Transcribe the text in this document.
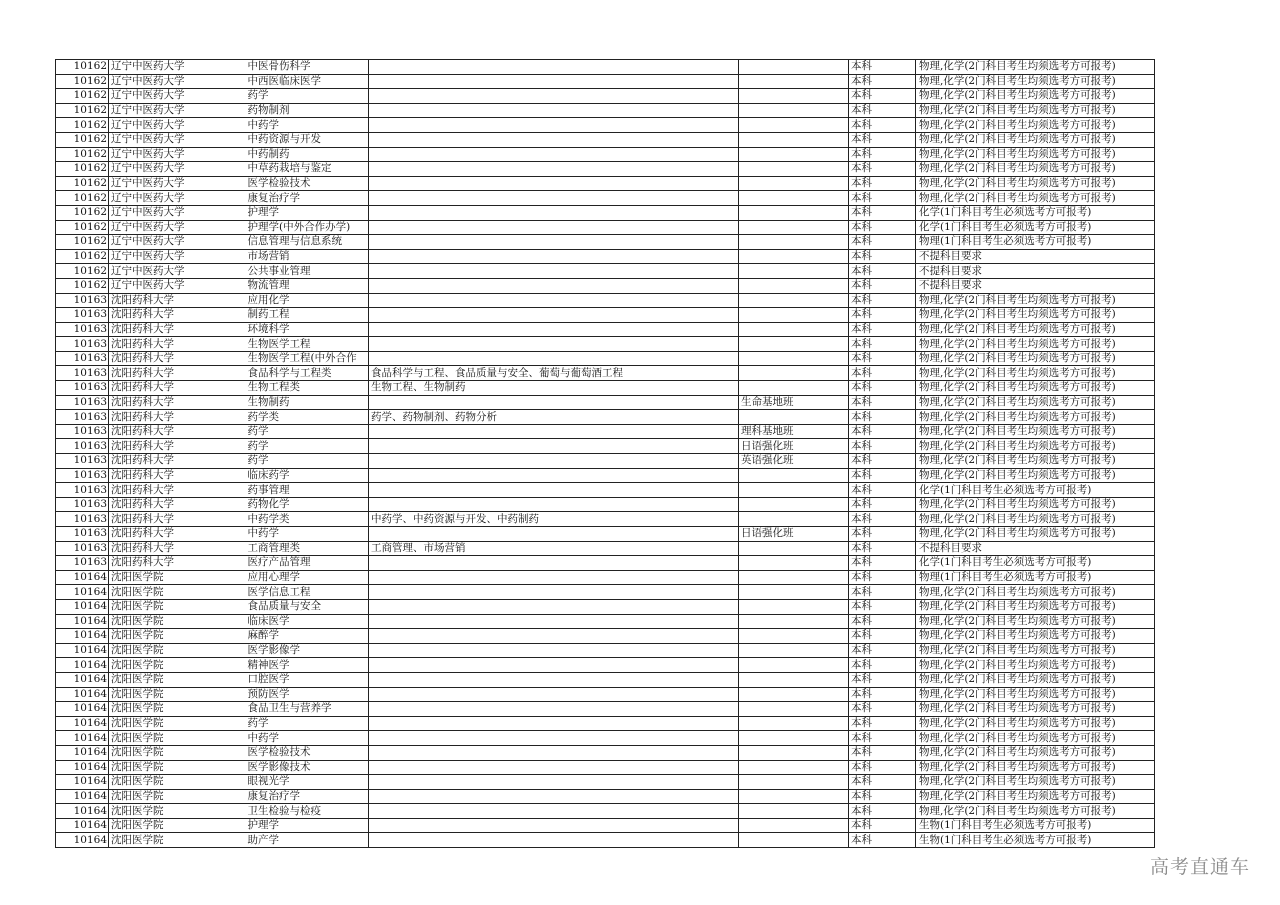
10162	辽宁中医药大学	中医骨伤科学			本科	物理,化学(2门科目考生均须选考方可报考)
10162	辽宁中医药大学	中西医临床医学			本科	物理,化学(2门科目考生均须选考方可报考)
10162	辽宁中医药大学	药学			本科	物理,化学(2门科目考生均须选考方可报考)
10162	辽宁中医药大学	药物制剂			本科	物理,化学(2门科目考生均须选考方可报考)
10162	辽宁中医药大学	中药学			本科	物理,化学(2门科目考生均须选考方可报考)
10162	辽宁中医药大学	中药资源与开发			本科	物理,化学(2门科目考生均须选考方可报考)
10162	辽宁中医药大学	中药制药			本科	物理,化学(2门科目考生均须选考方可报考)
10162	辽宁中医药大学	中草药栽培与鉴定			本科	物理,化学(2门科目考生均须选考方可报考)
10162	辽宁中医药大学	医学检验技术			本科	物理,化学(2门科目考生均须选考方可报考)
10162	辽宁中医药大学	康复治疗学			本科	物理,化学(2门科目考生均须选考方可报考)
10162	辽宁中医药大学	护理学			本科	化学(1门科目考生必须选考方可报考)
10162	辽宁中医药大学	护理学(中外合作办学)			本科	化学(1门科目考生必须选考方可报考)
10162	辽宁中医药大学	信息管理与信息系统			本科	物理(1门科目考生必须选考方可报考)
10162	辽宁中医药大学	市场营销			本科	不提科目要求
10162	辽宁中医药大学	公共事业管理			本科	不提科目要求
10162	辽宁中医药大学	物流管理			本科	不提科目要求
10163	沈阳药科大学	应用化学			本科	物理,化学(2门科目考生均须选考方可报考)
10163	沈阳药科大学	制药工程			本科	物理,化学(2门科目考生均须选考方可报考)
10163	沈阳药科大学	环境科学			本科	物理,化学(2门科目考生均须选考方可报考)
10163	沈阳药科大学	生物医学工程			本科	物理,化学(2门科目考生均须选考方可报考)
10163	沈阳药科大学	生物医学工程(中外合作			本科	物理,化学(2门科目考生均须选考方可报考)
10163	沈阳药科大学	食品科学与工程类	食品科学与工程、食品质量与安全、葡萄与葡萄酒工程		本科	物理,化学(2门科目考生均须选考方可报考)
10163	沈阳药科大学	生物工程类	生物工程、生物制药		本科	物理,化学(2门科目考生均须选考方可报考)
10163	沈阳药科大学	生物制药		生命基地班	本科	物理,化学(2门科目考生均须选考方可报考)
10163	沈阳药科大学	药学类	药学、药物制剂、药物分析		本科	物理,化学(2门科目考生均须选考方可报考)
10163	沈阳药科大学	药学		理科基地班	本科	物理,化学(2门科目考生均须选考方可报考)
10163	沈阳药科大学	药学		日语强化班	本科	物理,化学(2门科目考生均须选考方可报考)
10163	沈阳药科大学	药学		英语强化班	本科	物理,化学(2门科目考生均须选考方可报考)
10163	沈阳药科大学	临床药学			本科	物理,化学(2门科目考生均须选考方可报考)
10163	沈阳药科大学	药事管理			本科	化学(1门科目考生必须选考方可报考)
10163	沈阳药科大学	药物化学			本科	物理,化学(2门科目考生均须选考方可报考)
10163	沈阳药科大学	中药学类	中药学、中药资源与开发、中药制药		本科	物理,化学(2门科目考生均须选考方可报考)
10163	沈阳药科大学	中药学		日语强化班	本科	物理,化学(2门科目考生均须选考方可报考)
10163	沈阳药科大学	工商管理类	工商管理、市场营销		本科	不提科目要求
10163	沈阳药科大学	医疗产品管理			本科	化学(1门科目考生必须选考方可报考)
10164	沈阳医学院	应用心理学			本科	物理(1门科目考生必须选考方可报考)
10164	沈阳医学院	医学信息工程			本科	物理,化学(2门科目考生均须选考方可报考)
10164	沈阳医学院	食品质量与安全			本科	物理,化学(2门科目考生均须选考方可报考)
10164	沈阳医学院	临床医学			本科	物理,化学(2门科目考生均须选考方可报考)
10164	沈阳医学院	麻醉学			本科	物理,化学(2门科目考生均须选考方可报考)
10164	沈阳医学院	医学影像学			本科	物理,化学(2门科目考生均须选考方可报考)
10164	沈阳医学院	精神医学			本科	物理,化学(2门科目考生均须选考方可报考)
10164	沈阳医学院	口腔医学			本科	物理,化学(2门科目考生均须选考方可报考)
10164	沈阳医学院	预防医学			本科	物理,化学(2门科目考生均须选考方可报考)
10164	沈阳医学院	食品卫生与营养学			本科	物理,化学(2门科目考生均须选考方可报考)
10164	沈阳医学院	药学			本科	物理,化学(2门科目考生均须选考方可报考)
10164	沈阳医学院	中药学			本科	物理,化学(2门科目考生均须选考方可报考)
10164	沈阳医学院	医学检验技术			本科	物理,化学(2门科目考生均须选考方可报考)
10164	沈阳医学院	医学影像技术			本科	物理,化学(2门科目考生均须选考方可报考)
10164	沈阳医学院	眼视光学			本科	物理,化学(2门科目考生均须选考方可报考)
10164	沈阳医学院	康复治疗学			本科	物理,化学(2门科目考生均须选考方可报考)
10164	沈阳医学院	卫生检验与检疫			本科	物理,化学(2门科目考生均须选考方可报考)
10164	沈阳医学院	护理学			本科	生物(1门科目考生必须选考方可报考)
10164	沈阳医学院	助产学			本科	生物(1门科目考生必须选考方可报考)
高考直通车
